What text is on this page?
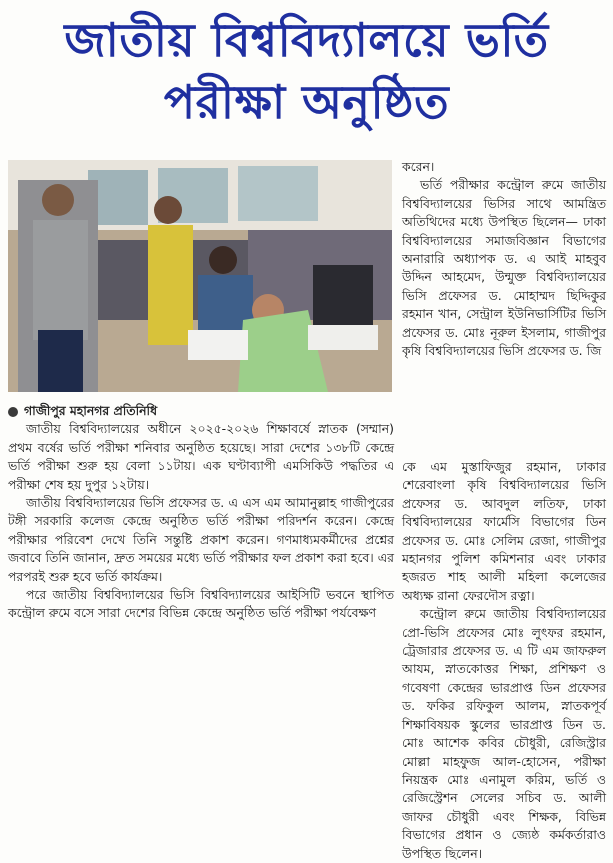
জাতীয় বিশ্ববিদ্যালয়ে ভর্তি
পরীক্ষা অনুষ্ঠিত

করেন।

ভর্তি পরীক্ষার কন্ট্রোল রুমে জাতীয় বিশ্ববিদ্যালয়ের ভিসির সাথে আমন্ত্রিত অতিথিদের মধ্যে উপস্থিত ছিলেন— ঢাকা বিশ্ববিদ্যালয়ের সমাজবিজ্ঞান বিভাগের অনারারি অধ্যাপক ড. এ আই মাহবুব উদ্দিন আহমেদ, উন্মুক্ত বিশ্ববিদ্যালয়ের ভিসি প্রফেসর ড. মোহাম্মদ ছিদ্দিকুর রহমান খান, সেন্ট্রাল ইউনিভার্সিটির ভিসি প্রফেসর ড. মোঃ নূরুল ইসলাম, গাজীপুর কৃষি বিশ্ববিদ্যালয়ের ভিসি প্রফেসর ড. জি

গাজীপুর মহানগর প্রতিনিধি

জাতীয় বিশ্ববিদ্যালয়ের অধীনে ২০২৫-২০২৬ শিক্ষাবর্ষে স্নাতক (সম্মান) প্রথম বর্ষের ভর্তি পরীক্ষা শনিবার অনুষ্ঠিত হয়েছে। সারা দেশের ১৩৮টি কেন্দ্রে ভর্তি পরীক্ষা শুরু হয় বেলা ১১টায়। এক ঘণ্টাব্যাপী এমসিকিউ পদ্ধতির এ পরীক্ষা শেষ হয় দুপুর ১২টায়।

জাতীয় বিশ্ববিদ্যালয়ের ভিসি প্রফেসর ড. এ এস এম আমানুল্লাহ গাজীপুরের টঙ্গী সরকারি কলেজ কেন্দ্রে অনুষ্ঠিত ভর্তি পরীক্ষা পরিদর্শন করেন। কেন্দ্রে পরীক্ষার পরিবেশ দেখে তিনি সন্তুষ্টি প্রকাশ করেন। গণমাধ্যমকর্মীদের প্রশ্নের জবাবে তিনি জানান, দ্রুত সময়ের মধ্যে ভর্তি পরীক্ষার ফল প্রকাশ করা হবে। এর পরপরই শুরু হবে ভর্তি কার্যক্রম।

পরে জাতীয় বিশ্ববিদ্যালয়ের ভিসি বিশ্ববিদ্যালয়ের আইসিটি ভবনে স্থাপিত কন্ট্রোল রুমে বসে সারা দেশের বিভিন্ন কেন্দ্রে অনুষ্ঠিত ভর্তি পরীক্ষা পর্যবেক্ষণ

কে এম মুস্তাফিজুর রহমান, ঢাকার শেরেবাংলা কৃষি বিশ্ববিদ্যালয়ের ভিসি প্রফেসর ড. আবদুল লতিফ, ঢাকা বিশ্ববিদ্যালয়ের ফার্মেসি বিভাগের ডিন প্রফেসর ড. মোঃ সেলিম রেজা, গাজীপুর মহানগর পুলিশ কমিশনার এবং ঢাকার হজরত শাহ আলী মহিলা কলেজের অধ্যক্ষ রানা ফেরদৌস রত্না।

কন্ট্রোল রুমে জাতীয় বিশ্ববিদ্যালয়ের প্রো-ভিসি প্রফেসর মোঃ লুৎফর রহমান, ট্রেজারার প্রফেসর ড. এ টি এম জাফরুল আযম, স্নাতকোত্তর শিক্ষা, প্রশিক্ষণ ও গবেষণা কেন্দ্রের ভারপ্রাপ্ত ডিন প্রফেসর ড. ফকির রফিকুল আলম, স্নাতকপূর্ব শিক্ষাবিষয়ক স্কুলের ভারপ্রাপ্ত ডিন ড. মোঃ আশেক কবির চৌধুরী, রেজিস্ট্রার মোল্লা মাহফুজ আল-হোসেন, পরীক্ষা নিয়ন্ত্রক মোঃ এনামুল করিম, ভর্তি ও রেজিস্ট্রেশন সেলের সচিব ড. আলী জাফর চৌধুরী এবং শিক্ষক, বিভিন্ন বিভাগের প্রধান ও জ্যেষ্ঠ কর্মকর্তারাও উপস্থিত ছিলেন।
